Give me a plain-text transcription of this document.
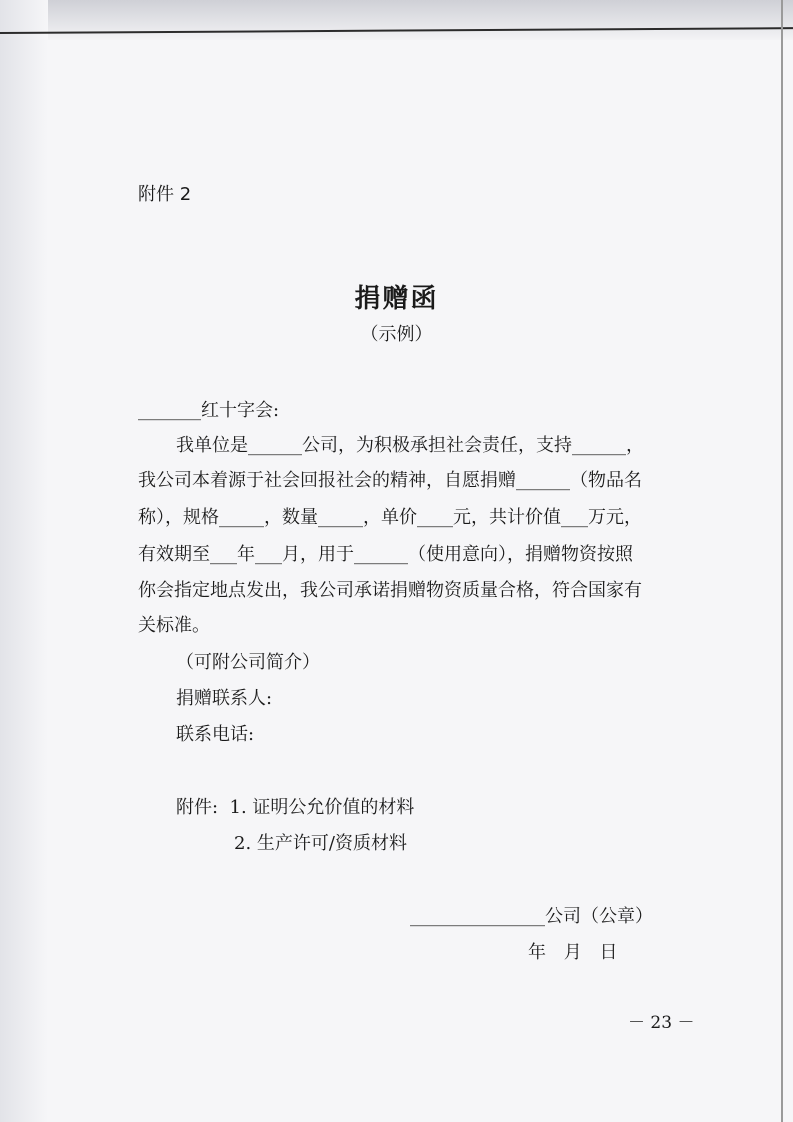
附件 2
捐赠函
（示例）
_______红十字会:
我单位是______公司，为积极承担社会责任，支持______，
我公司本着源于社会回报社会的精神，自愿捐赠______（物品名
称），规格_____，数量_____，单价____元，共计价值___万元，
有效期至___年___月，用于______（使用意向），捐赠物资按照
你会指定地点发出，我公司承诺捐赠物资质量合格，符合国家有
关标准。
（可附公司简介）
捐赠联系人:
联系电话:
附件:  1. 证明公允价值的材料
2. 生产许可/资质材料
_______________公司（公章）
年 月 日
－ 23 －
